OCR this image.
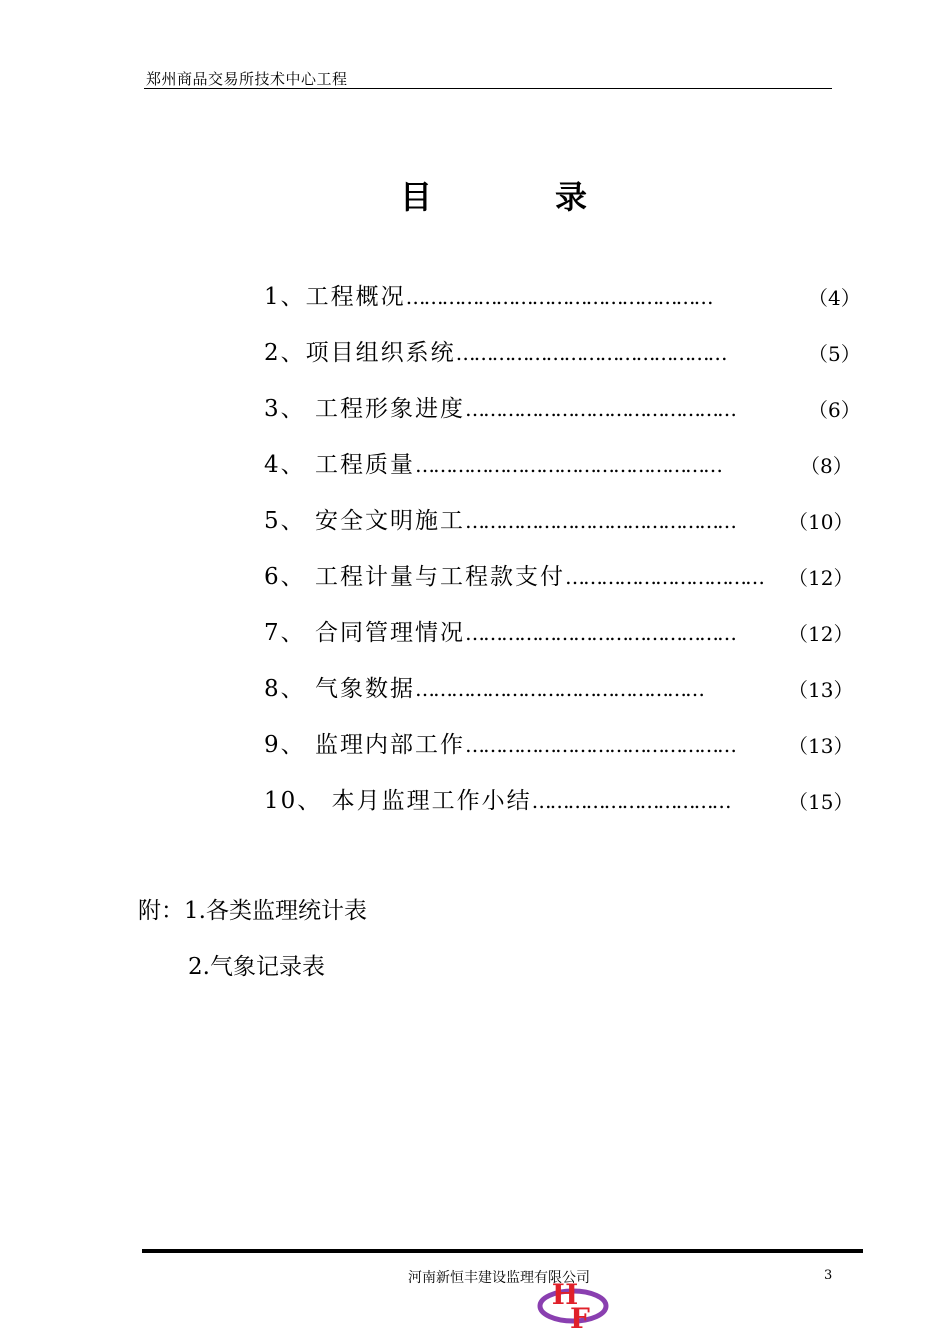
郑州商品交易所技术中心工程
目	录
1、工程概况……………………………………………	（4）
2、项目组织系统………………………………………	（5）
3、 工程形象进度………………………………………	（6）
4、 工程质量……………………………………………	（8）
5、 安全文明施工………………………………………	（10）
6、 工程计量与工程款支付…………………………… （12）
7、 合同管理情况………………………………………	（12）
8、 气象数据…………………………………………	（13）
9、 监理内部工作………………………………………	（13）
10、 本月监理工作小结……………………………	（15）
附：1.各类监理统计表
2.气象记录表
河南新恒丰建设监理有限公司	3
H
F
